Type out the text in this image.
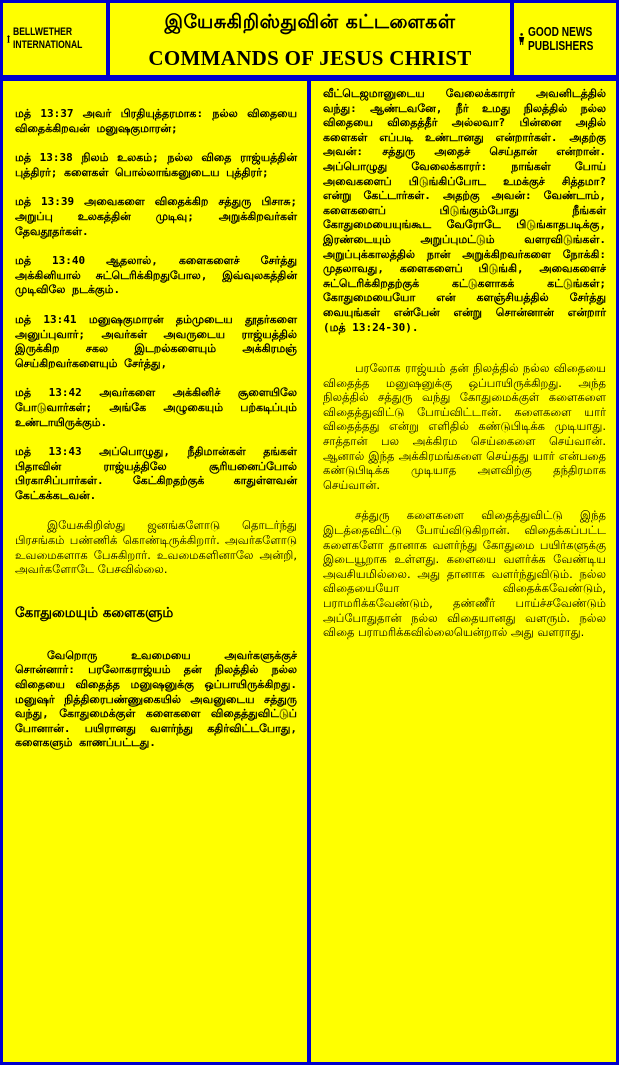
BELLWETHER
INTERNATIONAL
இயேசுகிறிஸ்துவின் கட்டளைகள்
COMMANDS OF JESUS CHRIST
GOOD NEWS
PUBLISHERS

மத் 13:37 அவர் பிரதியுத்தரமாக: நல்ல விதையை விதைக்கிறவன் மனுஷகுமாரன்;

மத் 13:38 நிலம் உலகம்; நல்ல விதை ராஜ்யத்தின் புத்திரர்; களைகள் பொல்லாங்கனுடைய புத்திரர்;

மத் 13:39 அவைகளை விதைக்கிற சத்துரு பிசாசு; அறுப்பு உலகத்தின் முடிவு; அறுக்கிறவர்கள் தேவதூதர்கள்.

மத் 13:40 ஆதலால், களைகளைச் சேர்த்து அக்கினியால் சுட்டெரிக்கிறதுபோல, இவ்வுலகத்தின் முடிவிலே நடக்கும்.

மத் 13:41 மனுஷகுமாரன் தம்முடைய தூதர்களை அனுப்புவார்; அவர்கள் அவருடைய ராஜ்யத்தில் இருக்கிற சகல இடறல்களையும் அக்கிரமஞ் செய்கிறவர்களையும் சேர்த்து,

மத் 13:42 அவர்களை அக்கினிச் சூளையிலே போடுவார்கள்; அங்கே அழுகையும் பற்கடிப்பும் உண்டாயிருக்கும்.

மத் 13:43 அப்பொழுது, நீதிமான்கள் தங்கள் பிதாவின் ராஜ்யத்திலே சூரியனைப்போல் பிரகாசிப்பார்கள். கேட்கிறதற்குக் காதுள்ளவன் கேட்கக்கடவன்.

இயேசுகிறிஸ்து ஜனங்களோடு தொடர்ந்து பிரசங்கம் பண்ணிக் கொண்டிருக்கிறார். அவர்களோடு உவமைகளாக பேசுகிறார். உவமைகளினாலே அன்றி, அவர்களோடே பேசவில்லை.

கோதுமையும் களைகளும்

வேறொரு உவமையை அவர்களுக்குச் சொன்னார்: பரலோகராஜ்யம் தன் நிலத்தில் நல்ல விதையை விதைத்த மனுஷனுக்கு ஒப்பாயிருக்கிறது. மனுஷர் நித்திரைபண்ணுகையில் அவனுடைய சத்துரு வந்து, கோதுமைக்குள் களைகளை விதைத்துவிட்டுப் போனான். பயிரானது வளர்ந்து கதிர்விட்டபோது, களைகளும் காணப்பட்டது.

வீட்டெஜமானுடைய வேலைக்காரர் அவனிடத்தில் வந்து: ஆண்டவனே, நீர் உமது நிலத்தில் நல்ல விதையை விதைத்தீர் அல்லவா? பின்னை அதில் களைகள் எப்படி உண்டானது என்றார்கள். அதற்கு அவன்: சத்துரு அதைச் செய்தான் என்றான். அப்பொழுது வேலைக்காரர்: நாங்கள் போய் அவைகளைப் பிடுங்கிப்போட உமக்குச் சித்தமா? என்று கேட்டார்கள். அதற்கு அவன்: வேண்டாம், களைகளைப் பிடுங்கும்போது நீங்கள் கோதுமையையுங்கூட வேரோடே பிடுங்காதபடிக்கு, இரண்டையும் அறுப்புமட்டும் வளரவிடுங்கள். அறுப்புக்காலத்தில் நான் அறுக்கிறவர்களை நோக்கி: முதலாவது, களைகளைப் பிடுங்கி, அவைகளைச் சுட்டெரிக்கிறதற்குக் கட்டுகளாகக் கட்டுங்கள்; கோதுமையையோ என் களஞ்சியத்தில் சேர்த்து வையுங்கள் என்பேன் என்று சொன்னான் என்றார் (மத் 13:24-30).

பரலோக ராஜ்யம் தன் நிலத்தில் நல்ல விதையை விதைத்த மனுஷனுக்கு ஒப்பாயிருக்கிறது. அந்த நிலத்தில் சத்துரு வந்து கோதுமைக்குள் களைகளை விதைத்துவிட்டு போய்விட்டான். களைகளை யார் விதைத்தது என்று எளிதில் கண்டுபிடிக்க முடியாது. சாத்தான் பல அக்கிரம செய்கைளை செய்வான். ஆனால் இந்த அக்கிரமங்களை செய்தது யார் என்பதை கண்டுபிடிக்க முடியாத அளவிற்கு தந்திரமாக செய்வான்.

சத்துரு களைகளை விதைத்துவிட்டு இந்த இடத்தைவிட்டு போய்விடுகிறான். விதைக்கப்பட்ட களைகளோ தானாக வளர்ந்து கோதுமை பயிர்களுக்கு இடையூறாக உள்ளது. களையை வளர்க்க வேண்டிய அவசியமில்லை. அது தானாக வளர்ந்துவிடும். நல்ல விதையையோ விதைக்கவேண்டும், பராமரிக்கவேண்டும், தண்ணீர் பாய்ச்சவேண்டும் அப்போதுதான் நல்ல விதையானது வளரும். நல்ல விதை பராமரிக்கவில்லையென்றால் அது வளராது.
